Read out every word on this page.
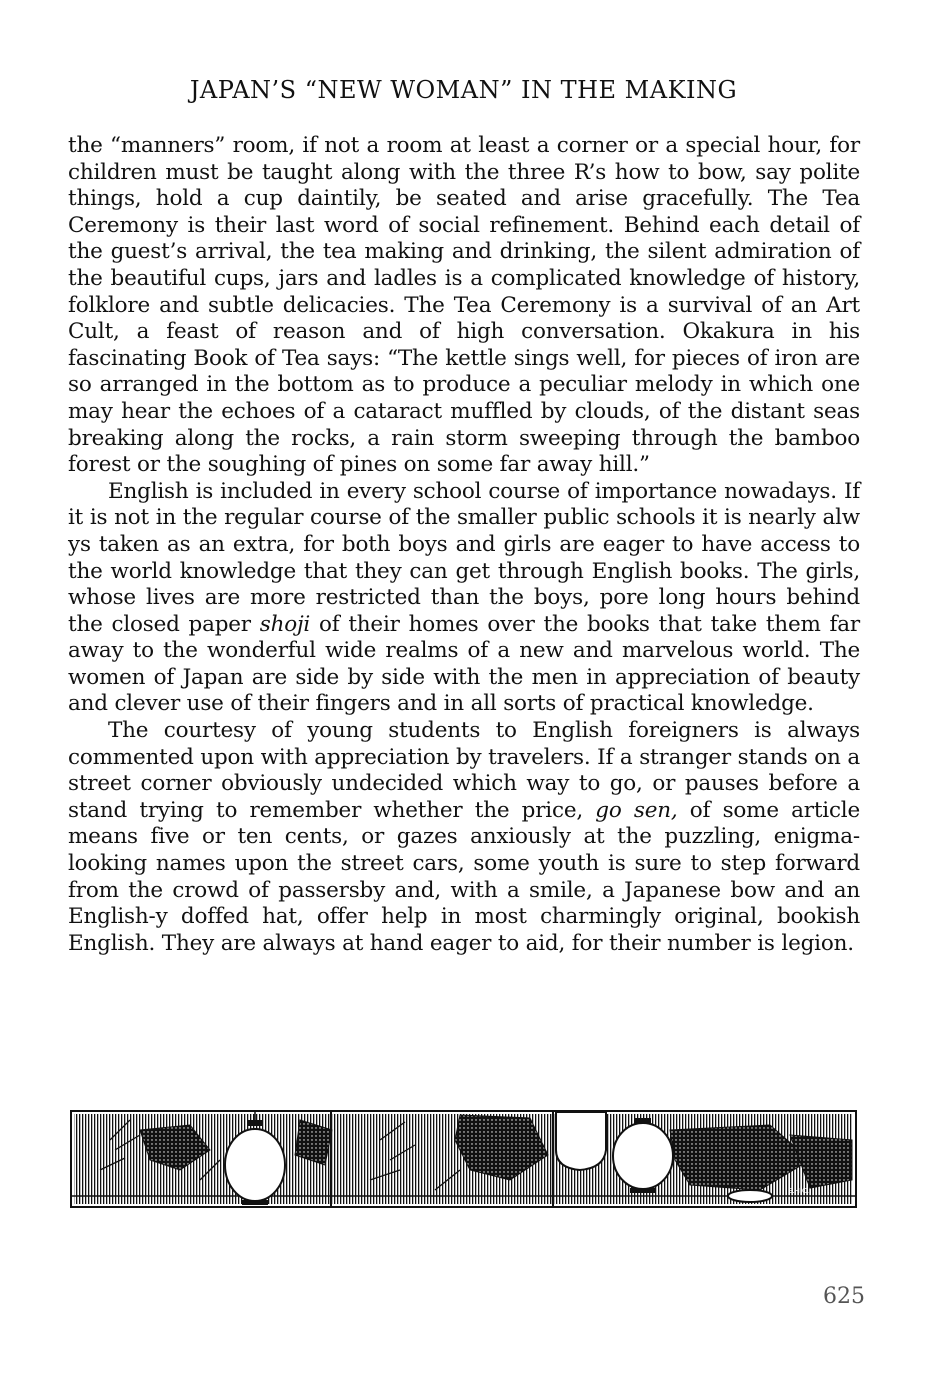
JAPAN’S “NEW WOMAN” IN THE MAKING

the “manners” room, if not a room at least a corner or a special hour, for children must be taught along with the three R’s how to bow, say polite things, hold a cup daintily, be seated and arise gracefully. The Tea Ceremony is their last word of social refinement. Behind each detail of the guest’s arrival, the tea making and drinking, the silent admiration of the beautiful cups, jars and ladles is a complicated knowledge of history, folklore and subtle delicacies. The Tea Ceremony is a survival of an Art Cult, a feast of reason and of high conversation. Okakura in his fascinating Book of Tea says: “The kettle sings well, for pieces of iron are so arranged in the bottom as to produce a peculiar melody in which one may hear the echoes of a cataract muffled by clouds, of the distant seas breaking along the rocks, a rain storm sweeping through the bamboo forest or the soughing of pines on some far away hill.”

English is included in every school course of importance nowadays. If it is not in the regular course of the smaller public schools it is nearly alw ys taken as an extra, for both boys and girls are eager to have access to the world knowledge that they can get through English books. The girls, whose lives are more restricted than the boys, pore long hours behind the closed paper shoji of their homes over the books that take them far away to the wonderful wide realms of a new and marvelous world. The women of Japan are side by side with the men in appreciation of beauty and clever use of their fingers and in all sorts of practical knowledge.

The courtesy of young students to English foreigners is always commented upon with appreciation by travelers. If a stranger stands on a street corner obviously undecided which way to go, or pauses before a stand trying to remember whether the price, go sen, of some article means five or ten cents, or gazes anxiously at the puzzling, enigma-looking names upon the street cars, some youth is sure to step forward from the crowd of passersby and, with a smile, a Japanese bow and an English-y doffed hat, offer help in most charmingly original, bookish English. They are always at hand eager to aid, for their number is legion.

E.H.C.
625
